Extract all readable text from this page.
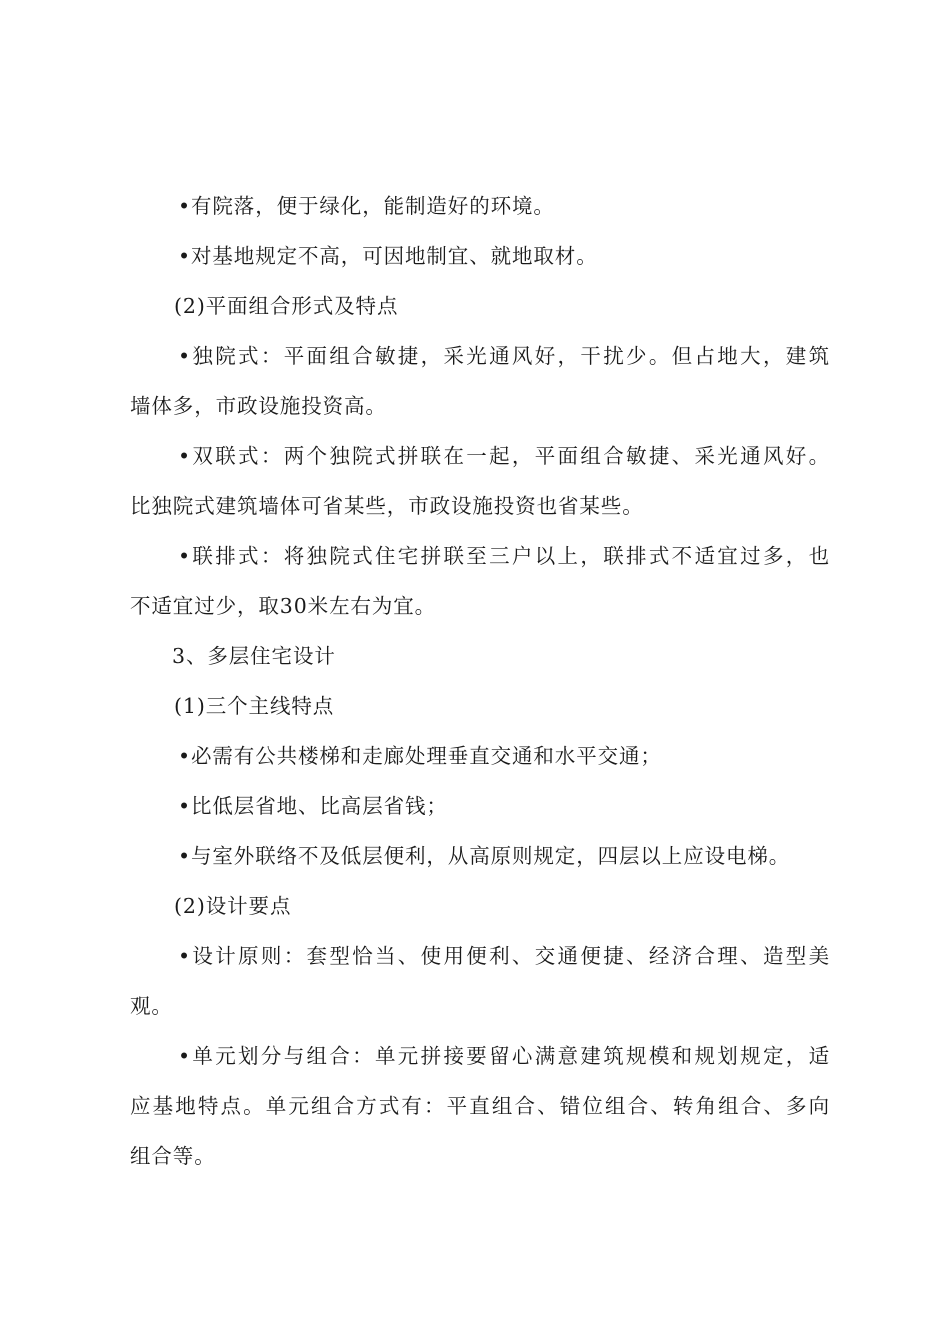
•有院落，便于绿化，能制造好的环境。
•对基地规定不高，可因地制宜、就地取材。
(2)平面组合形式及特点
•独院式：平面组合敏捷，采光通风好，干扰少。但占地大，建筑
墙体多，市政设施投资高。
•双联式：两个独院式拼联在一起，平面组合敏捷、采光通风好。
比独院式建筑墙体可省某些，市政设施投资也省某些。
•联排式：将独院式住宅拼联至三户以上，联排式不适宜过多，也
不适宜过少，取30米左右为宜。
3、多层住宅设计
(1)三个主线特点
•必需有公共楼梯和走廊处理垂直交通和水平交通；
•比低层省地、比高层省钱；
•与室外联络不及低层便利，从高原则规定，四层以上应设电梯。
(2)设计要点
•设计原则：套型恰当、使用便利、交通便捷、经济合理、造型美
观。
•单元划分与组合：单元拼接要留心满意建筑规模和规划规定，适
应基地特点。单元组合方式有：平直组合、错位组合、转角组合、多向
组合等。
